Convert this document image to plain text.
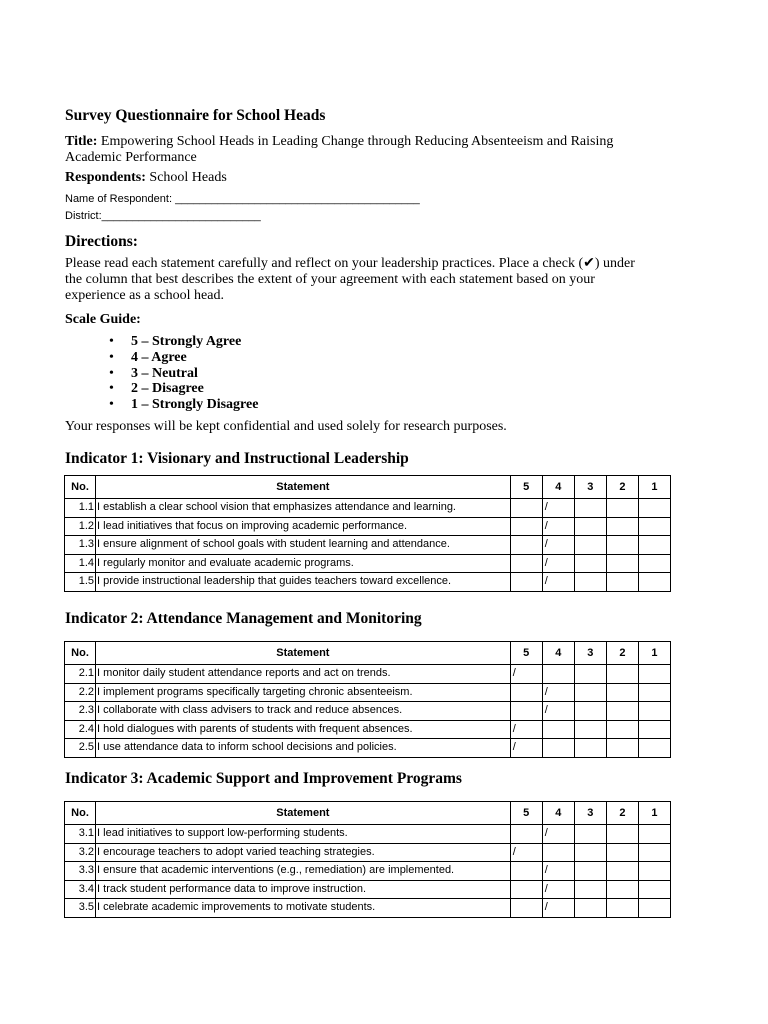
Survey Questionnaire for School Heads
Title: Empowering School Heads in Leading Change through Reducing Absenteeism and Raising Academic Performance
Respondents: School Heads
Name of Respondent: ________________________________________
District:__________________________
Directions:
Please read each statement carefully and reflect on your leadership practices. Place a check (✔) under the column that best describes the extent of your agreement with each statement based on your experience as a school head.
Scale Guide:
• 5 – Strongly Agree
• 4 – Agree
• 3 – Neutral
• 2 – Disagree
• 1 – Strongly Disagree
Your responses will be kept confidential and used solely for research purposes.
Indicator 1: Visionary and Instructional Leadership
No.	Statement	5	4	3	2	1
1.1	I establish a clear school vision that emphasizes attendance and learning.		/			
1.2	I lead initiatives that focus on improving academic performance.		/			
1.3	I ensure alignment of school goals with student learning and attendance.		/			
1.4	I regularly monitor and evaluate academic programs.		/			
1.5	I provide instructional leadership that guides teachers toward excellence.		/			
Indicator 2: Attendance Management and Monitoring
No.	Statement	5	4	3	2	1
2.1	I monitor daily student attendance reports and act on trends.	/				
2.2	I implement programs specifically targeting chronic absenteeism.		/			
2.3	I collaborate with class advisers to track and reduce absences.		/			
2.4	I hold dialogues with parents of students with frequent absences.	/				
2.5	I use attendance data to inform school decisions and policies.	/				
Indicator 3: Academic Support and Improvement Programs
No.	Statement	5	4	3	2	1
3.1	I lead initiatives to support low-performing students.		/			
3.2	I encourage teachers to adopt varied teaching strategies.	/				
3.3	I ensure that academic interventions (e.g., remediation) are implemented.		/			
3.4	I track student performance data to improve instruction.		/			
3.5	I celebrate academic improvements to motivate students.		/			
